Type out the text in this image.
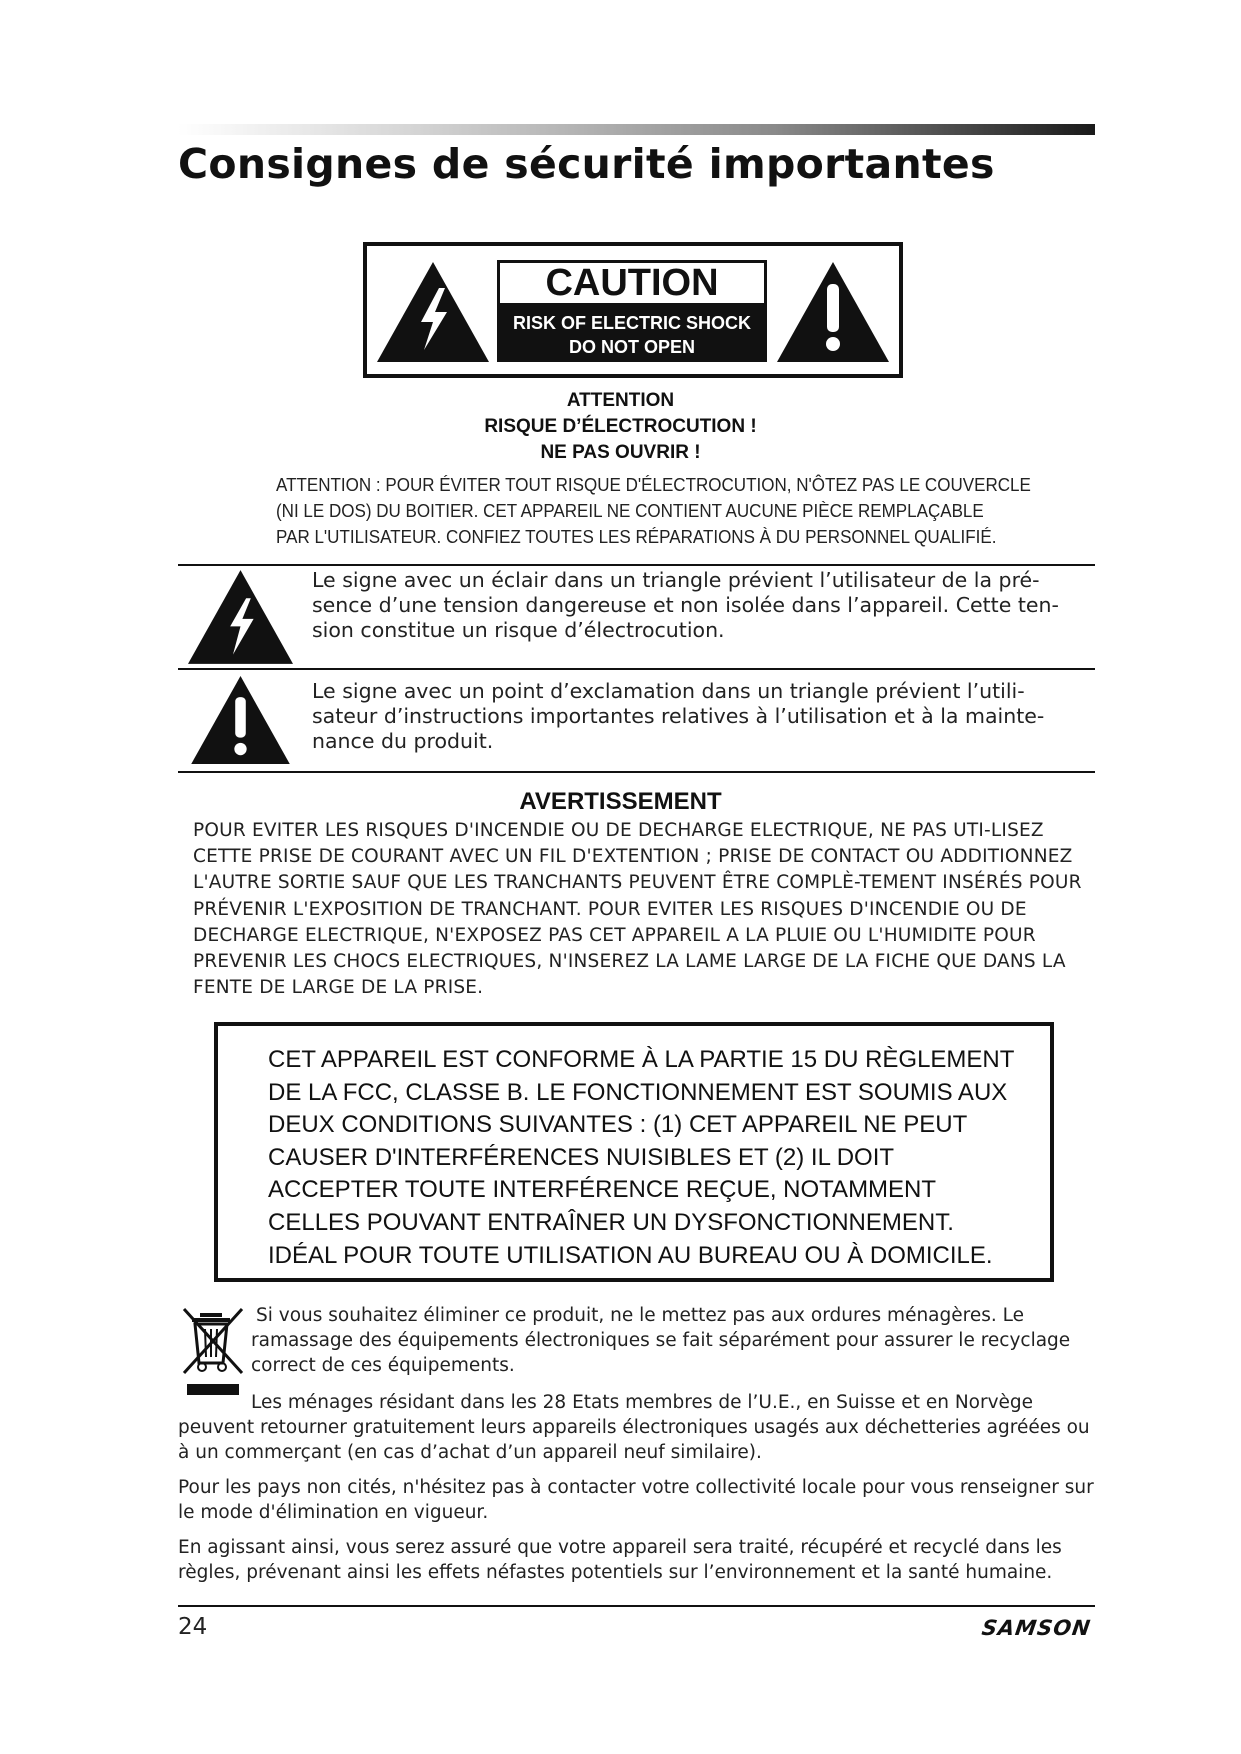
Consignes de sécurité importantes
CAUTION
RISK OF ELECTRIC SHOCK
DO NOT OPEN
ATTENTION
RISQUE D’ÉLECTROCUTION !
NE PAS OUVRIR !
ATTENTION : POUR ÉVITER TOUT RISQUE D'ÉLECTROCUTION, N'ÔTEZ PAS LE COUVERCLE
(NI LE DOS) DU BOITIER. CET APPAREIL NE CONTIENT AUCUNE PIÈCE REMPLAÇABLE
PAR L'UTILISATEUR. CONFIEZ TOUTES LES RÉPARATIONS À DU PERSONNEL QUALIFIÉ.
Le signe avec un éclair dans un triangle prévient l’utilisateur de la pré-sence d’une tension dangereuse et non isolée dans l’appareil. Cette ten-sion constitue un risque d’électrocution.
Le signe avec un point d’exclamation dans un triangle prévient l’utili-sateur d’instructions importantes relatives à l’utilisation et à la mainte-nance du produit.
AVERTISSEMENT
POUR EVITER LES RISQUES D'INCENDIE OU DE DECHARGE ELECTRIQUE, NE PAS UTI-LISEZ CETTE PRISE DE COURANT AVEC UN FIL D'EXTENTION ; PRISE DE CONTACT OU ADDITIONNEZ L'AUTRE SORTIE SAUF QUE LES TRANCHANTS PEUVENT ÊTRE COMPLÈ-TEMENT INSÉRÉS POUR PRÉVENIR L'EXPOSITION DE TRANCHANT. POUR EVITER LES RISQUES D'INCENDIE OU DE DECHARGE ELECTRIQUE, N'EXPOSEZ PAS CET APPAREIL A LA PLUIE OU L'HUMIDITE POUR PREVENIR LES CHOCS ELECTRIQUES, N'INSEREZ LA LAME LARGE DE LA FICHE QUE DANS LA FENTE DE LARGE DE LA PRISE.
CET APPAREIL EST CONFORME À LA PARTIE 15 DU RÈGLEMENT DE LA FCC, CLASSE B. LE FONCTIONNEMENT EST SOUMIS AUX DEUX CONDITIONS SUIVANTES : (1) CET APPAREIL NE PEUT CAUSER D'INTERFÉRENCES NUISIBLES ET (2) IL DOIT ACCEPTER TOUTE INTERFÉRENCE REÇUE, NOTAMMENT CELLES POUVANT ENTRAÎNER UN DYSFONCTIONNEMENT. IDÉAL POUR TOUTE UTILISATION AU BUREAU OU À DOMICILE.
Si vous souhaitez éliminer ce produit, ne le mettez pas aux ordures ménagères. Le
ramassage des équipements électroniques se fait séparément pour assurer le recyclage
correct de ces équipements.
Les ménages résidant dans les 28 Etats membres de l’U.E., en Suisse et en Norvège
peuvent retourner gratuitement leurs appareils électroniques usagés aux déchetteries agréées ou à un commerçant (en cas d’achat d’un appareil neuf similaire).
Pour les pays non cités, n'hésitez pas à contacter votre collectivité locale pour vous renseigner sur le mode d'élimination en vigueur.
En agissant ainsi, vous serez assuré que votre appareil sera traité, récupéré et recyclé dans les règles, prévenant ainsi les effets néfastes potentiels sur l’environnement et la santé humaine.
24	SAMSON
